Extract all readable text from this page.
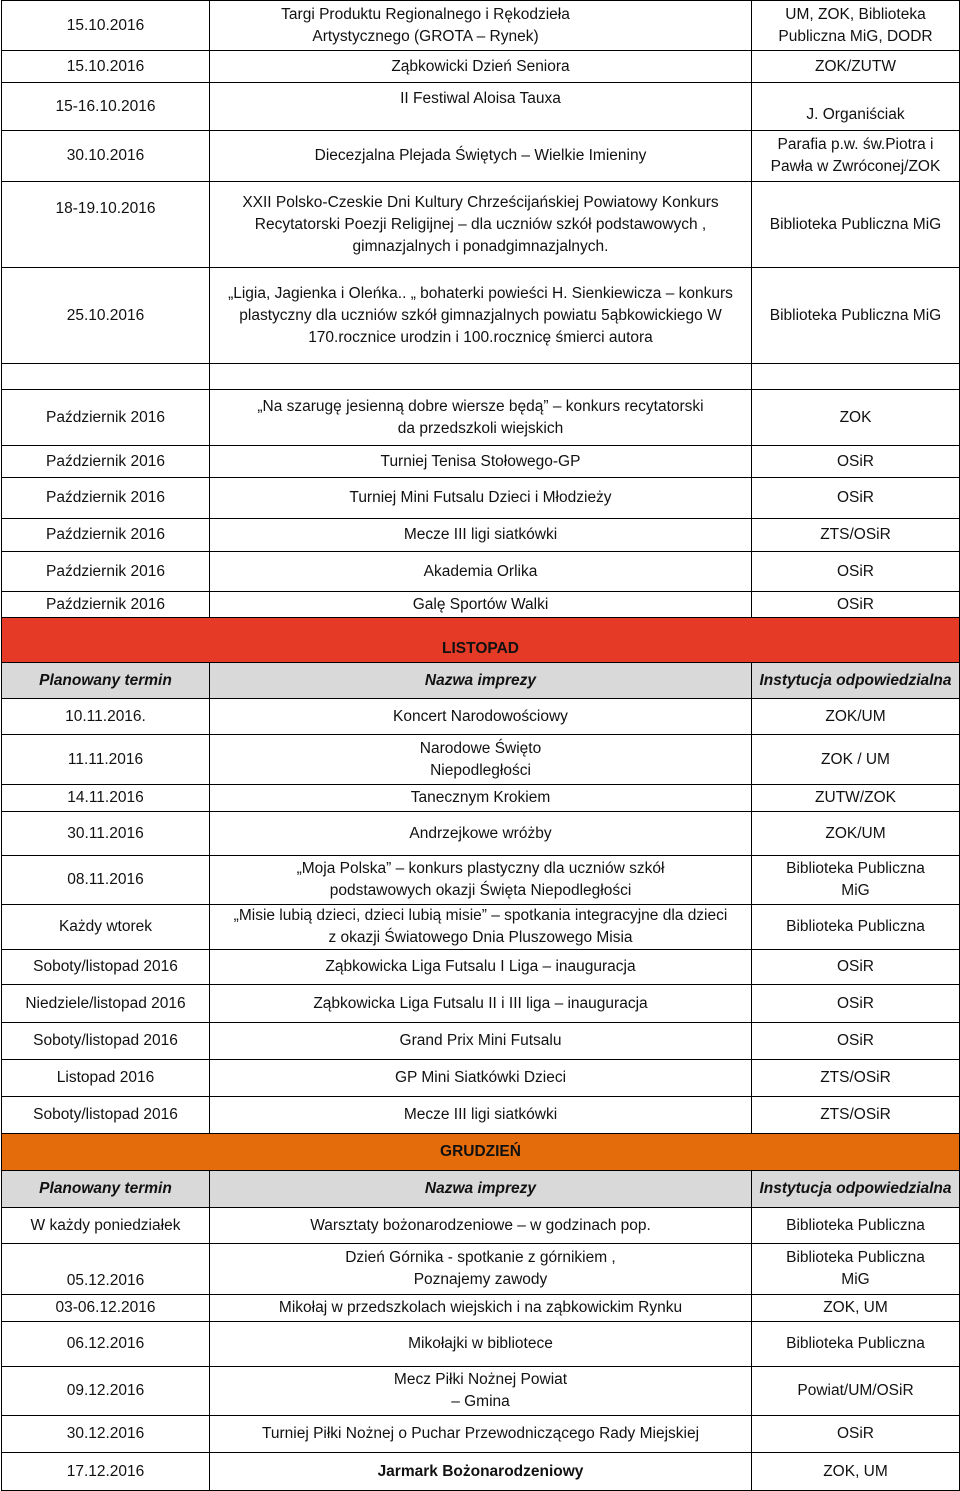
15.10.2016	Targi Produktu Regionalnego i Rękodzieła Artystycznego (GROTA – Rynek)	UM, ZOK, Biblioteka Publiczna MiG, DODR
15.10.2016	Ząbkowicki Dzień Seniora	ZOK/ZUTW
15-16.10.2016	II Festiwal Aloisa Tauxa	J. Organiściak
30.10.2016	Diecezjalna Plejada Świętych – Wielkie Imieniny	Parafia p.w. św.Piotra i Pawła w Zwróconej/ZOK
18-19.10.2016	XXII Polsko-Czeskie Dni Kultury Chrześcijańskiej Powiatowy Konkurs Recytatorski Poezji Religijnej – dla uczniów szkół podstawowych , gimnazjalnych i ponadgimnazjalnych.	Biblioteka Publiczna MiG
25.10.2016	„Ligia, Jagienka i Oleńka.. „ bohaterki powieści H. Sienkiewicza – konkurs plastyczny dla uczniów szkół gimnazjalnych powiatu 5ąbkowickiego W 170.rocznice urodzin i 100.rocznicę śmierci autora	Biblioteka Publiczna MiG

Październik 2016	„Na szarugę jesienną dobre wiersze będą” – konkurs recytatorski da przedszkoli wiejskich	ZOK
Październik 2016	Turniej Tenisa Stołowego-GP	OSiR
Październik 2016	Turniej Mini Futsalu Dzieci i Młodzieży	OSiR
Październik 2016	Mecze III ligi siatkówki	ZTS/OSiR
Październik 2016	Akademia Orlika	OSiR
Październik 2016	Galę Sportów Walki	OSiR
LISTOPAD		
Planowany termin	Nazwa imprezy	Instytucja odpowiedzialna
10.11.2016.	Koncert Narodowościowy	ZOK/UM
11.11.2016	Narodowe Święto Niepodległości	ZOK / UM
14.11.2016	Tanecznym Krokiem	ZUTW/ZOK
30.11.2016	Andrzejkowe wróżby	ZOK/UM
08.11.2016	„Moja Polska” – konkurs plastyczny dla uczniów szkół podstawowych okazji Święta Niepodległości	Biblioteka Publiczna MiG
Każdy wtorek	„Misie lubią dzieci, dzieci lubią misie” – spotkania integracyjne dla dzieci z okazji Światowego Dnia Pluszowego Misia	Biblioteka Publiczna
Soboty/listopad 2016	Ząbkowicka Liga Futsalu I Liga – inauguracja	OSiR
Niedziele/listopad 2016	Ząbkowicka Liga Futsalu II i III liga – inauguracja	OSiR
Soboty/listopad 2016	Grand Prix Mini Futsalu	OSiR
Listopad 2016	GP Mini Siatkówki Dzieci	ZTS/OSiR
Soboty/listopad 2016	Mecze III ligi siatkówki	ZTS/OSiR
GRUDZIEŃ		
Planowany termin	Nazwa imprezy	Instytucja odpowiedzialna
W każdy poniedziałek	Warsztaty bożonarodzeniowe – w godzinach pop.	Biblioteka Publiczna
05.12.2016	Dzień Górnika - spotkanie z górnikiem , Poznajemy zawody	Biblioteka Publiczna MiG
03-06.12.2016	Mikołaj w przedszkolach wiejskich i na ząbkowickim Rynku	ZOK, UM
06.12.2016	Mikołajki w bibliotece	Biblioteka Publiczna
09.12.2016	Mecz Piłki Nożnej Powiat – Gmina	Powiat/UM/OSiR
30.12.2016	Turniej Piłki Nożnej o Puchar Przewodniczącego Rady Miejskiej	OSiR
17.12.2016	Jarmark Bożonarodzeniowy	ZOK, UM
